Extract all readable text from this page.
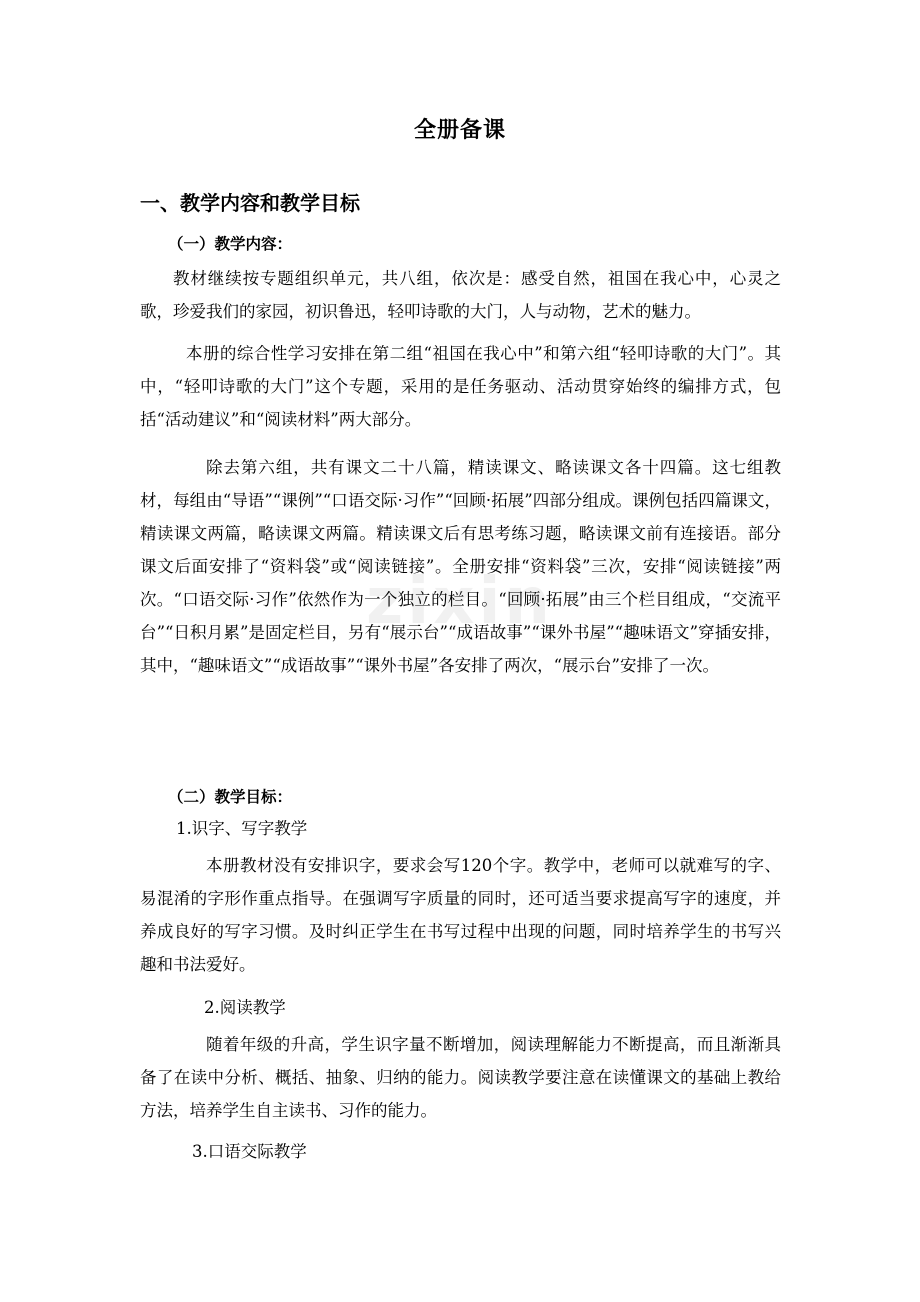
zixin
全册备课
一、教学内容和教学目标
（一）教学内容：

教材继续按专题组织单元，共八组，依次是：感受自然，祖国在我心中，心灵之歌，珍爱我们的家园，初识鲁迅，轻叩诗歌的大门，人与动物，艺术的魅力。

本册的综合性学习安排在第二组“祖国在我心中”和第六组“轻叩诗歌的大门”。其中，“轻叩诗歌的大门”这个专题，采用的是任务驱动、活动贯穿始终的编排方式，包括“活动建议”和“阅读材料”两大部分。

除去第六组，共有课文二十八篇，精读课文、略读课文各十四篇。这七组教材，每组由“导语”“课例”“口语交际·习作”“回顾·拓展”四部分组成。课例包括四篇课文，精读课文两篇，略读课文两篇。精读课文后有思考练习题，略读课文前有连接语。部分课文后面安排了“资料袋”或“阅读链接”。全册安排“资料袋”三次，安排“阅读链接”两次。“口语交际·习作”依然作为一个独立的栏目。“回顾·拓展”由三个栏目组成，“交流平台”“日积月累”是固定栏目，另有“展示台”“成语故事”“课外书屋”“趣味语文”穿插安排，其中，“趣味语文”“成语故事”“课外书屋”各安排了两次，“展示台”安排了一次。

（二）教学目标：
1.识字、写字教学

本册教材没有安排识字，要求会写120个字。教学中，老师可以就难写的字、易混淆的字形作重点指导。在强调写字质量的同时，还可适当要求提高写字的速度，并养成良好的写字习惯。及时纠正学生在书写过程中出现的问题，同时培养学生的书写兴趣和书法爱好。

2.阅读教学

随着年级的升高，学生识字量不断增加，阅读理解能力不断提高，而且渐渐具备了在读中分析、概括、抽象、归纳的能力。阅读教学要注意在读懂课文的基础上教给方法，培养学生自主读书、习作的能力。

3.口语交际教学
